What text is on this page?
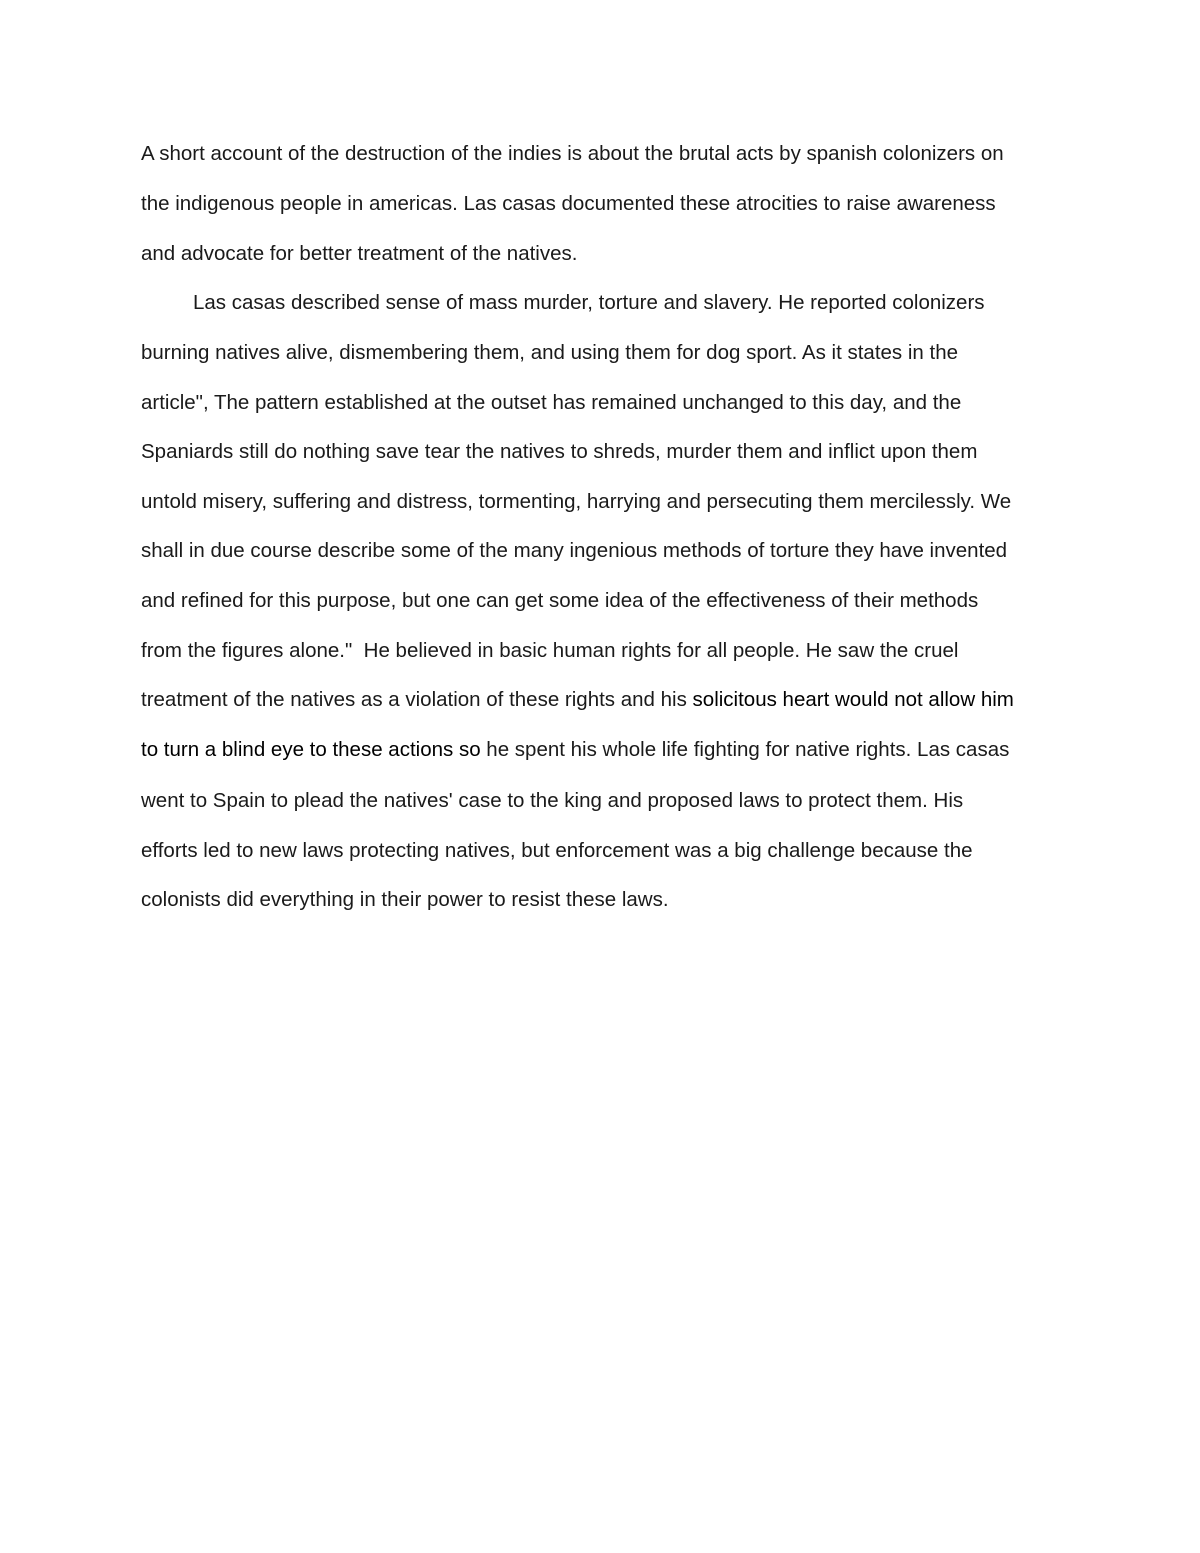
A short account of the destruction of the indies is about the brutal acts by spanish colonizers on

the indigenous people in americas. Las casas documented these atrocities to raise awareness

and advocate for better treatment of the natives.

Las casas described sense of mass murder, torture and slavery. He reported colonizers

burning natives alive, dismembering them, and using them for dog sport. As it states in the

article", The pattern established at the outset has remained unchanged to this day, and the

Spaniards still do nothing save tear the natives to shreds, murder them and inflict upon them

untold misery, suffering and distress, tormenting, harrying and persecuting them mercilessly. We

shall in due course describe some of the many ingenious methods of torture they have invented

and refined for this purpose, but one can get some idea of the effectiveness of their methods

from the figures alone."  He believed in basic human rights for all people. He saw the cruel

treatment of the natives as a violation of these rights and his solicitous heart would not allow him

to turn a blind eye to these actions so he spent his whole life fighting for native rights. Las casas

went to Spain to plead the natives' case to the king and proposed laws to protect them. His

efforts led to new laws protecting natives, but enforcement was a big challenge because the

colonists did everything in their power to resist these laws.
